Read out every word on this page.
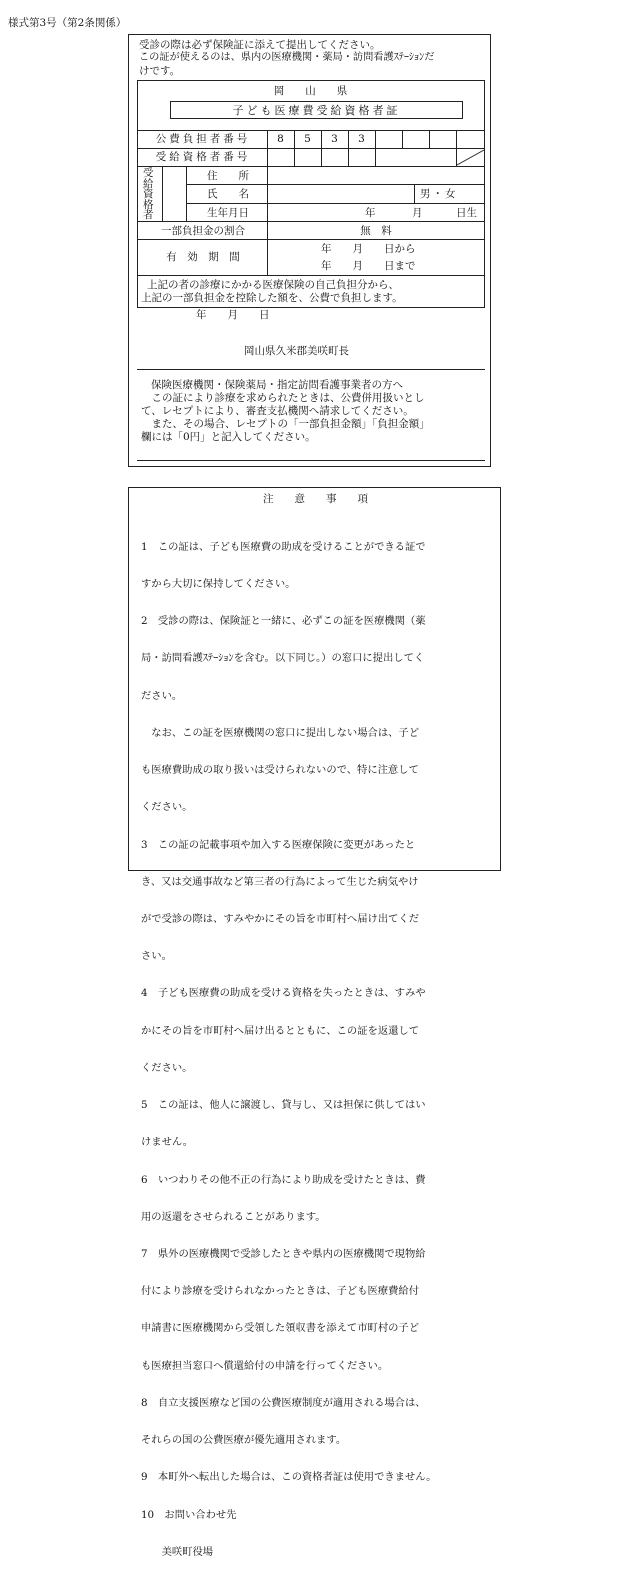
様式第3号（第2条関係）
受診の際は必ず保険証に添えて提出してください。
この証が使えるのは、県内の医療機関・薬局・訪問看護ｽﾃｰｼｮﾝだ
けです。
岡　　山　　県
子ども医療費受給資格者証
公費負担者番号	8	5	3	3
受給資格者番号
受給資格者
住　　所
氏　　名	男・女
生年月日	年	月	日生
一部負担金の割合	無　料
有　効　期　間
年　　月　　日から
年　　月　　日まで
上記の者の診療にかかる医療保険の自己負担分から、
上記の一部負担金を控除した額を、公費で負担します。
年　　月　　日
岡山県久米郡美咲町長
保険医療機関・保険薬局・指定訪問看護事業者の方へ
　この証により診療を求められたときは、公費併用扱いとし
て、レセプトにより、審査支払機関へ請求してください。
　また、その場合、レセプトの「一部負担金額」「負担金額」
欄には「0円」と記入してください。
注　　意　　事　　項

1　この証は、子ども医療費の助成を受けることができる証で

すから大切に保持してください。

2　受診の際は、保険証と一緒に、必ずこの証を医療機関（薬

局・訪問看護ｽﾃｰｼｮﾝを含む。以下同じ。）の窓口に提出してく

ださい。

　なお、この証を医療機関の窓口に提出しない場合は、子ど

も医療費助成の取り扱いは受けられないので、特に注意して

ください。

3　この証の記載事項や加入する医療保険に変更があったと

き、又は交通事故など第三者の行為によって生じた病気やけ

がで受診の際は、すみやかにその旨を市町村へ届け出てくだ

さい。

4　子ども医療費の助成を受ける資格を失ったときは、すみや

かにその旨を市町村へ届け出るとともに、この証を返還して

ください。

5　この証は、他人に譲渡し、貸与し、又は担保に供してはい

けません。

6　いつわりその他不正の行為により助成を受けたときは、費

用の返還をさせられることがあります。

7　県外の医療機関で受診したときや県内の医療機関で現物給

付により診療を受けられなかったときは、子ども医療費給付

申請書に医療機関から受領した領収書を添えて市町村の子ど

も医療担当窓口へ償還給付の申請を行ってください。

8　自立支援医療など国の公費医療制度が適用される場合は、

それらの国の公費医療が優先適用されます。

9　本町外へ転出した場合は、この資格者証は使用できません。

10　お問い合わせ先

　　美咲町役場
